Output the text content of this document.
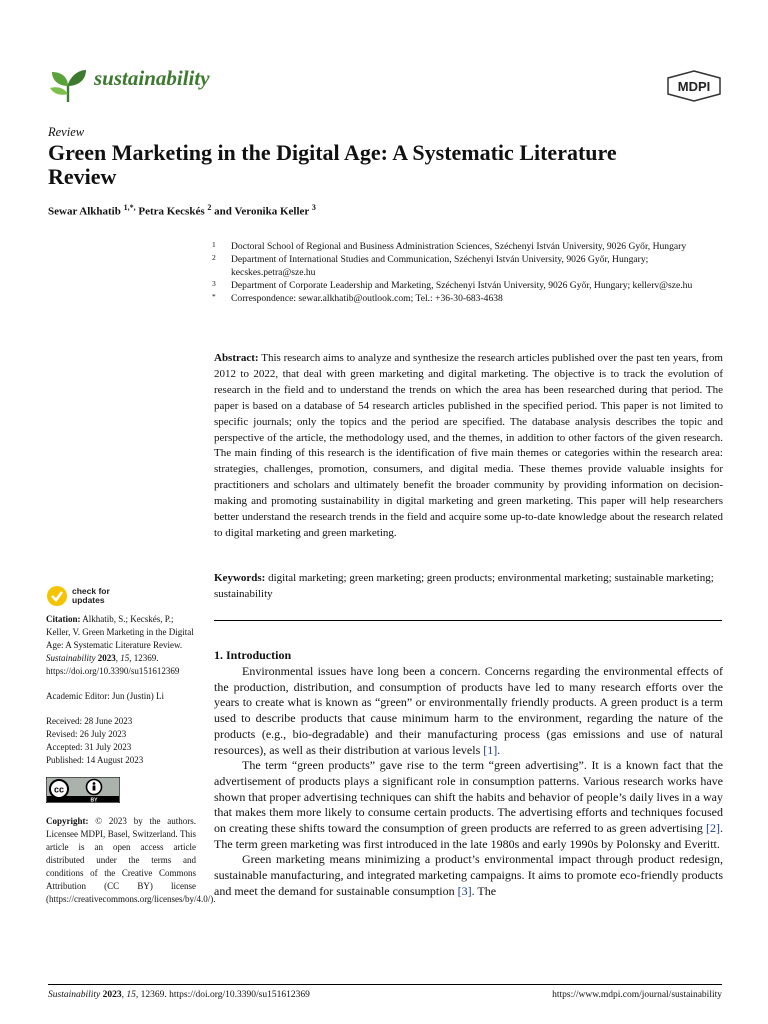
sustainability	MDPI
Review
Green Marketing in the Digital Age: A Systematic Literature Review
Sewar Alkhatib $^{1,*,}$ Petra Kecskés $^2$ and Veronika Keller $^3$
1 Doctoral School of Regional and Business Administration Sciences, Széchenyi István University, 9026 Győr, Hungary
2 Department of International Studies and Communication, Széchenyi István University, 9026 Győr, Hungary; kecskes.petra@sze.hu
3 Department of Corporate Leadership and Marketing, Széchenyi István University, 9026 Győr, Hungary; kellerv@sze.hu
* Correspondence: sewar.alkhatib@outlook.com; Tel.: +36-30-683-4638
Abstract: This research aims to analyze and synthesize the research articles published over the past ten years, from 2012 to 2022, that deal with green marketing and digital marketing. The objective is to track the evolution of research in the field and to understand the trends on which the area has been researched during that period. The paper is based on a database of 54 research articles published in the specified period. This paper is not limited to specific journals; only the topics and the period are specified. The database analysis describes the topic and perspective of the article, the methodology used, and the themes, in addition to other factors of the given research. The main finding of this research is the identification of five main themes or categories within the research area: strategies, challenges, promotion, consumers, and digital media. These themes provide valuable insights for practitioners and scholars and ultimately benefit the broader community by providing information on decision-making and promoting sustainability in digital marketing and green marketing. This paper will help researchers better understand the research trends in the field and acquire some up-to-date knowledge about the research related to digital marketing and green marketing.
Keywords: digital marketing; green marketing; green products; environmental marketing; sustainable marketing; sustainability
check for
updates

Citation: Alkhatib, S.; Kecskés, P.; Keller, V. Green Marketing in the Digital Age: A Systematic Literature Review. Sustainability 2023, 15, 12369. https://doi.org/10.3390/su151612369

Academic Editor: Jun (Justin) Li

Received: 28 June 2023

Revised: 26 July 2023

Accepted: 31 July 2023

Published: 14 August 2023

cc
BY

Copyright: © 2023 by the authors. Licensee MDPI, Basel, Switzerland. This article is an open access article distributed under the terms and conditions of the Creative Commons Attribution (CC BY) license (https://creativecommons.org/licenses/by/4.0/).

1. Introduction

Environmental issues have long been a concern. Concerns regarding the environmental effects of the production, distribution, and consumption of products have led to many research efforts over the years to create what is known as “green” or environmentally friendly products. A green product is a term used to describe products that cause minimum harm to the environment, regarding the nature of the products (e.g., bio-degradable) and their manufacturing process (gas emissions and use of natural resources), as well as their distribution at various levels [1].

The term “green products” gave rise to the term “green advertising”. It is a known fact that the advertisement of products plays a significant role in consumption patterns. Various research works have shown that proper advertising techniques can shift the habits and behavior of people’s daily lives in a way that makes them more likely to consume certain products. The advertising efforts and techniques focused on creating these shifts toward the consumption of green products are referred to as green advertising [2]. The term green marketing was first introduced in the late 1980s and early 1990s by Polonsky and Everitt.

Green marketing means minimizing a product’s environmental impact through product redesign, sustainable manufacturing, and integrated marketing campaigns. It aims to promote eco-friendly products and meet the demand for sustainable consumption [3]. The

Sustainability 2023, 15, 12369. https://doi.org/10.3390/su151612369	https://www.mdpi.com/journal/sustainability
